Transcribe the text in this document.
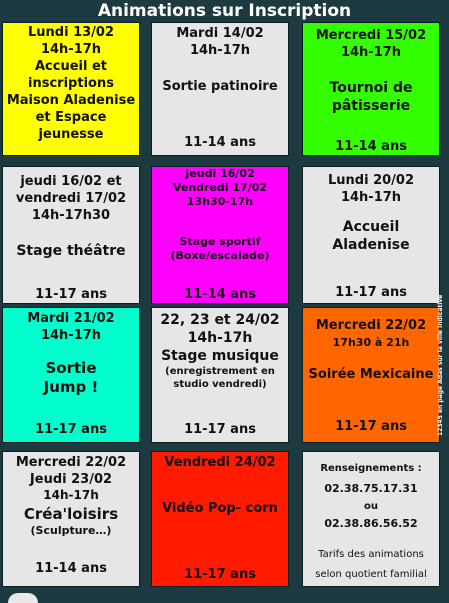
Animations sur Inscription
Lundi 13/02
14h-17h
Accueil et inscriptions Maison Aladenise et Espace jeunesse
Mardi 14/02
14h-17h
Sortie patinoire
11-14 ans
Mercredi 15/02
14h-17h
Tournoi de pâtisserie
11-14 ans
jeudi 16/02 et vendredi 17/02
14h-17h30
Stage théâtre
11-17 ans
Jeudi 16/02 Vendredi 17/02
13h30-17h
Stage sportif (Boxe/escalade)
11-14 ans
Lundi 20/02
14h-17h
Accueil Aladenise
11-17 ans
Mardi 21/02
14h-17h
Sortie Jump !
11-17 ans
22, 23 et 24/02
14h-17h
Stage musique
(enregistrement en studio vendredi)
11-17 ans
Mercredi 22/02
17h30 à 21h
Soirée Mexicaine
11-17 ans
Mercredi 22/02 Jeudi 23/02
14h-17h
Créa'loisirs
(Sculpture…)
11-14 ans
Vendredi 24/02
Vidéo Pop- corn
11-17 ans
Renseignements :
02.38.75.17.31
ou
02.38.86.56.52
Tarifs des animations selon quotient familial
12345 en page Adas sur la ville indicative
